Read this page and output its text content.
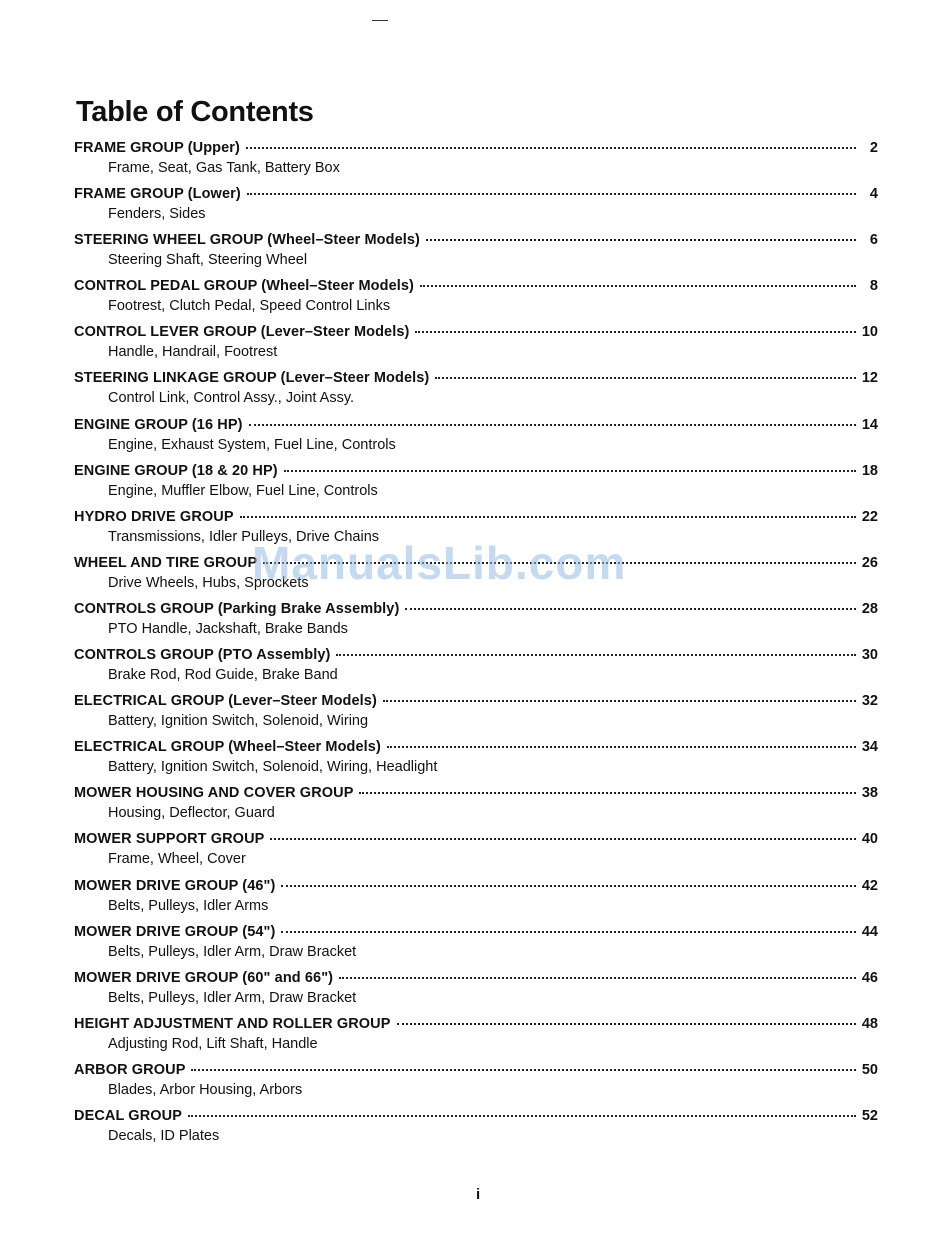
Table of Contents
FRAME GROUP (Upper)	2
Frame, Seat, Gas Tank, Battery Box
FRAME GROUP (Lower)	4
Fenders, Sides
STEERING WHEEL GROUP (Wheel–Steer Models)	6
Steering Shaft, Steering Wheel
CONTROL PEDAL GROUP (Wheel–Steer Models)	8
Footrest, Clutch Pedal, Speed Control Links
CONTROL LEVER GROUP (Lever–Steer Models)	10
Handle, Handrail, Footrest
STEERING LINKAGE GROUP (Lever–Steer Models)	12
Control Link, Control Assy., Joint Assy.
ENGINE GROUP (16 HP)	14
Engine, Exhaust System, Fuel Line, Controls
ENGINE GROUP (18 & 20 HP)	18
Engine, Muffler Elbow, Fuel Line, Controls
HYDRO DRIVE GROUP	22
Transmissions, Idler Pulleys, Drive Chains
WHEEL AND TIRE GROUP	26
Drive Wheels, Hubs, Sprockets
CONTROLS GROUP (Parking Brake Assembly)	28
PTO Handle, Jackshaft, Brake Bands
CONTROLS GROUP (PTO Assembly)	30
Brake Rod, Rod Guide, Brake Band
ELECTRICAL GROUP (Lever–Steer Models)	32
Battery, Ignition Switch, Solenoid, Wiring
ELECTRICAL GROUP (Wheel–Steer Models)	34
Battery, Ignition Switch, Solenoid, Wiring, Headlight
MOWER HOUSING AND COVER GROUP	38
Housing, Deflector, Guard
MOWER SUPPORT GROUP	40
Frame, Wheel, Cover
MOWER DRIVE GROUP (46")	42
Belts, Pulleys, Idler Arms
MOWER DRIVE GROUP (54")	44
Belts, Pulleys, Idler Arm, Draw Bracket
MOWER DRIVE GROUP (60" and 66")	46
Belts, Pulleys, Idler Arm, Draw Bracket
HEIGHT ADJUSTMENT AND ROLLER GROUP	48
Adjusting Rod, Lift Shaft, Handle
ARBOR GROUP	50
Blades, Arbor Housing, Arbors
DECAL GROUP	52
Decals, ID Plates
ManualsLib.com
i
